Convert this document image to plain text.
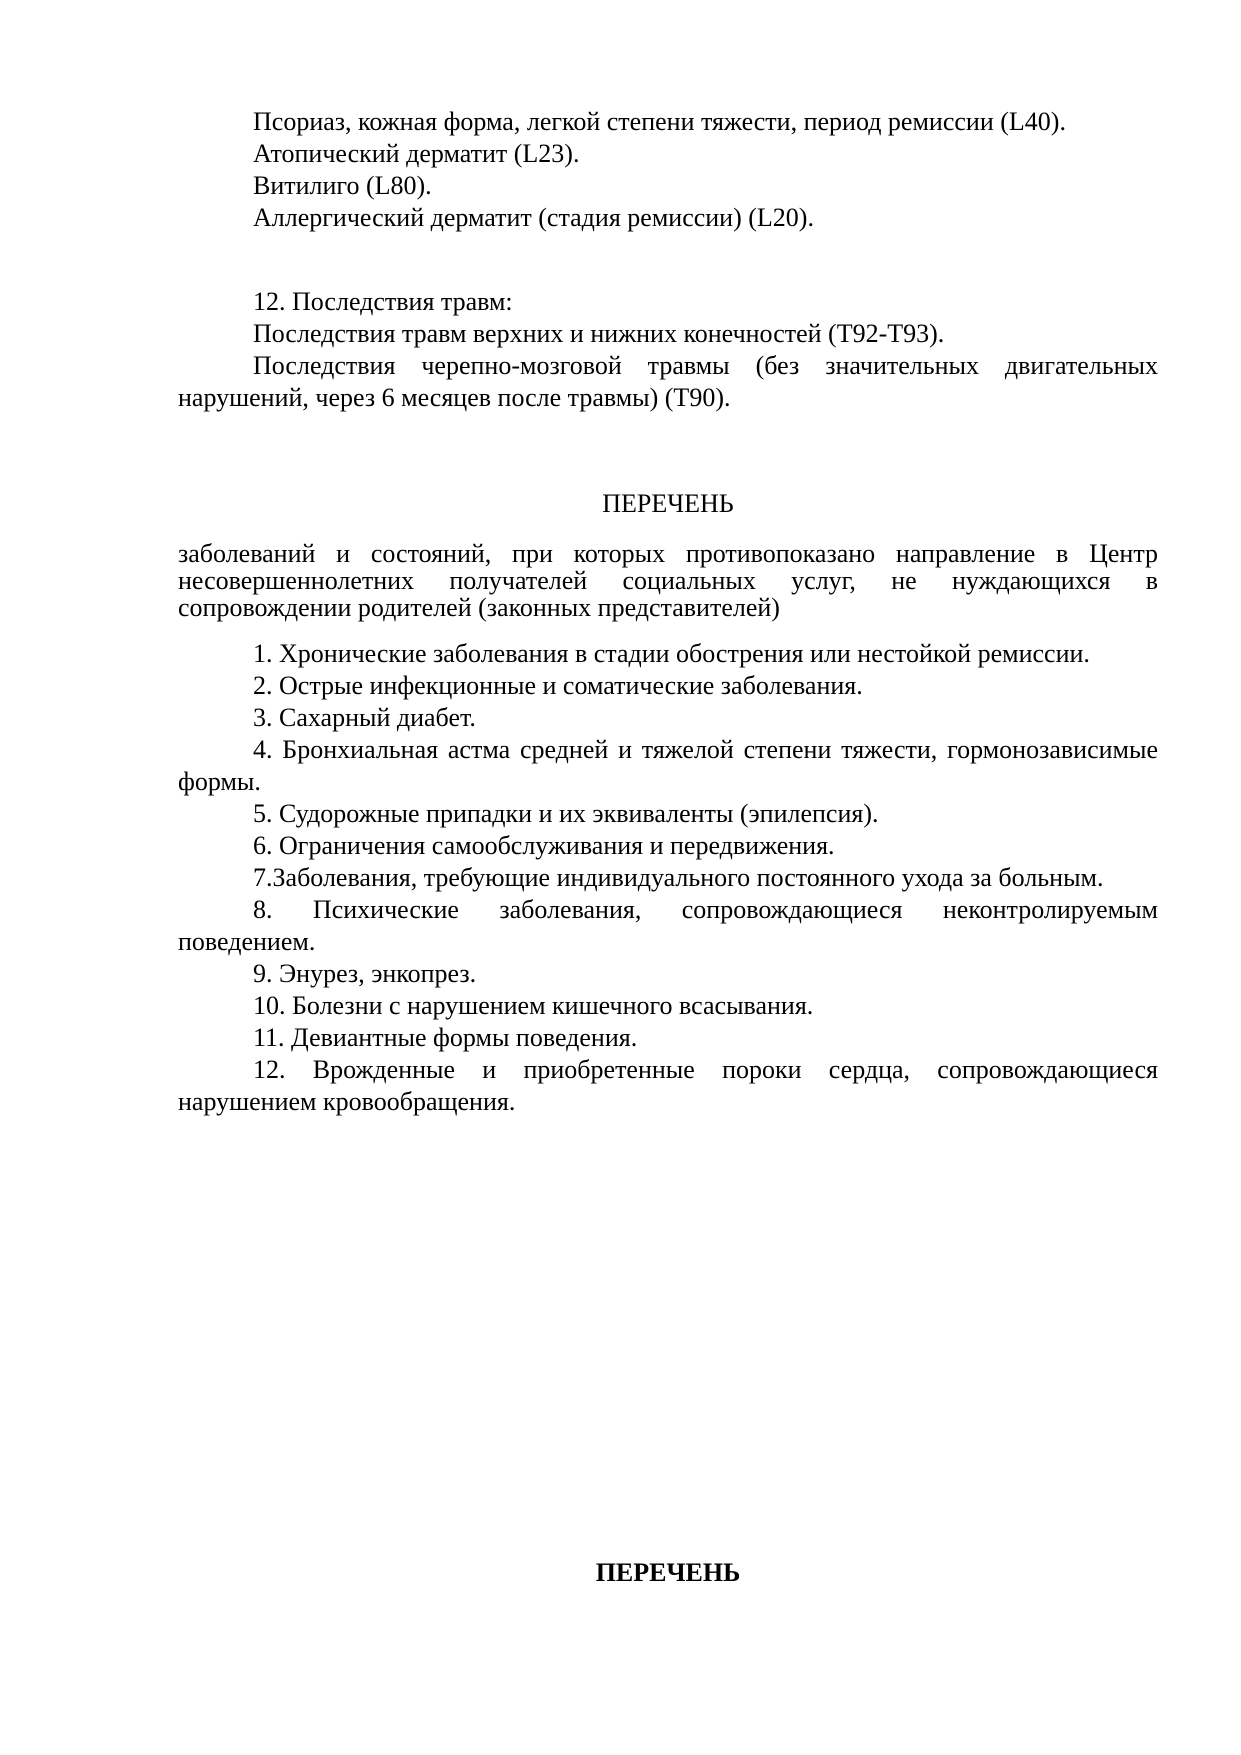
Псориаз, кожная форма, легкой степени тяжести, период ремиссии (L40).

Атопический дерматит (L23).

Витилиго (L80).

Аллергический дерматит (стадия ремиссии) (L20).

12. Последствия травм:

Последствия травм верхних и нижних конечностей (Т92-Т93).

Последствия черепно-мозговой травмы (без значительных двигательных нарушений, через 6 месяцев после травмы) (Т90).

ПЕРЕЧЕНЬ

заболеваний и состояний, при которых противопоказано направление в Центр
несовершеннолетних получателей социальных услуг, не нуждающихся в
сопровождении родителей (законных представителей)

1. Хронические заболевания в стадии обострения или нестойкой ремиссии.

2. Острые инфекционные и соматические заболевания.

3. Сахарный диабет.

4. Бронхиальная астма средней и тяжелой степени тяжести, гормонозависимые формы.

5. Судорожные припадки и их эквиваленты (эпилепсия).

6. Ограничения самообслуживания и передвижения.

7.Заболевания, требующие индивидуального постоянного ухода за больным.

8. Психические заболевания, сопровождающиеся неконтролируемым поведением.

9. Энурез, энкопрез.

10. Болезни с нарушением кишечного всасывания.

11. Девиантные формы поведения.

12. Врожденные и приобретенные пороки сердца, сопровождающиеся нарушением кровообращения.

ПЕРЕЧЕНЬ
